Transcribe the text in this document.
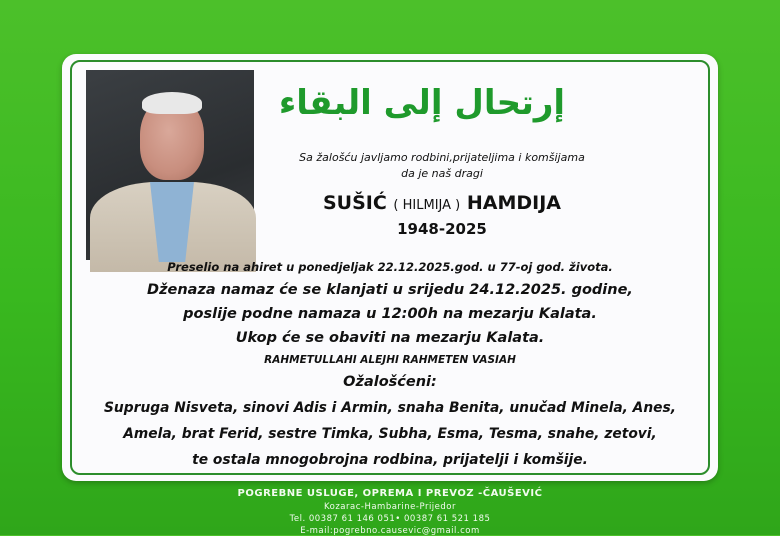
إرتحال إلى البقاء
Sa žalošću javljamo rodbini,prijateljima i komšijama
da je naš dragi
SUŠIĆ ( HILMIJA ) HAMDIJA
1948-2025
Preselio na ahiret u ponedjeljak 22.12.2025.god. u 77-oj god. života.
Dženaza namaz će se klanjati u srijedu 24.12.2025. godine,
poslije podne namaza u 12:00h na mezarju Kalata.
Ukop će se obaviti na mezarju Kalata.
RAHMETULLAHI ALEJHI RAHMETEN VASIAH
Ožalošćeni:
Supruga Nisveta, sinovi Adis i Armin, snaha Benita, unučad Minela, Anes,
Amela, brat Ferid, sestre Timka, Subha, Esma, Tesma, snahe, zetovi,
te ostala mnogobrojna rodbina, prijatelji i komšije.
POGREBNE USLUGE, OPREMA I PREVOZ -ČAUŠEVIĆ
Kozarac-Hambarine-Prijedor
Tel. 00387 61 146 051• 00387 61 521 185
E-mail:pogrebno.causevic@gmail.com
